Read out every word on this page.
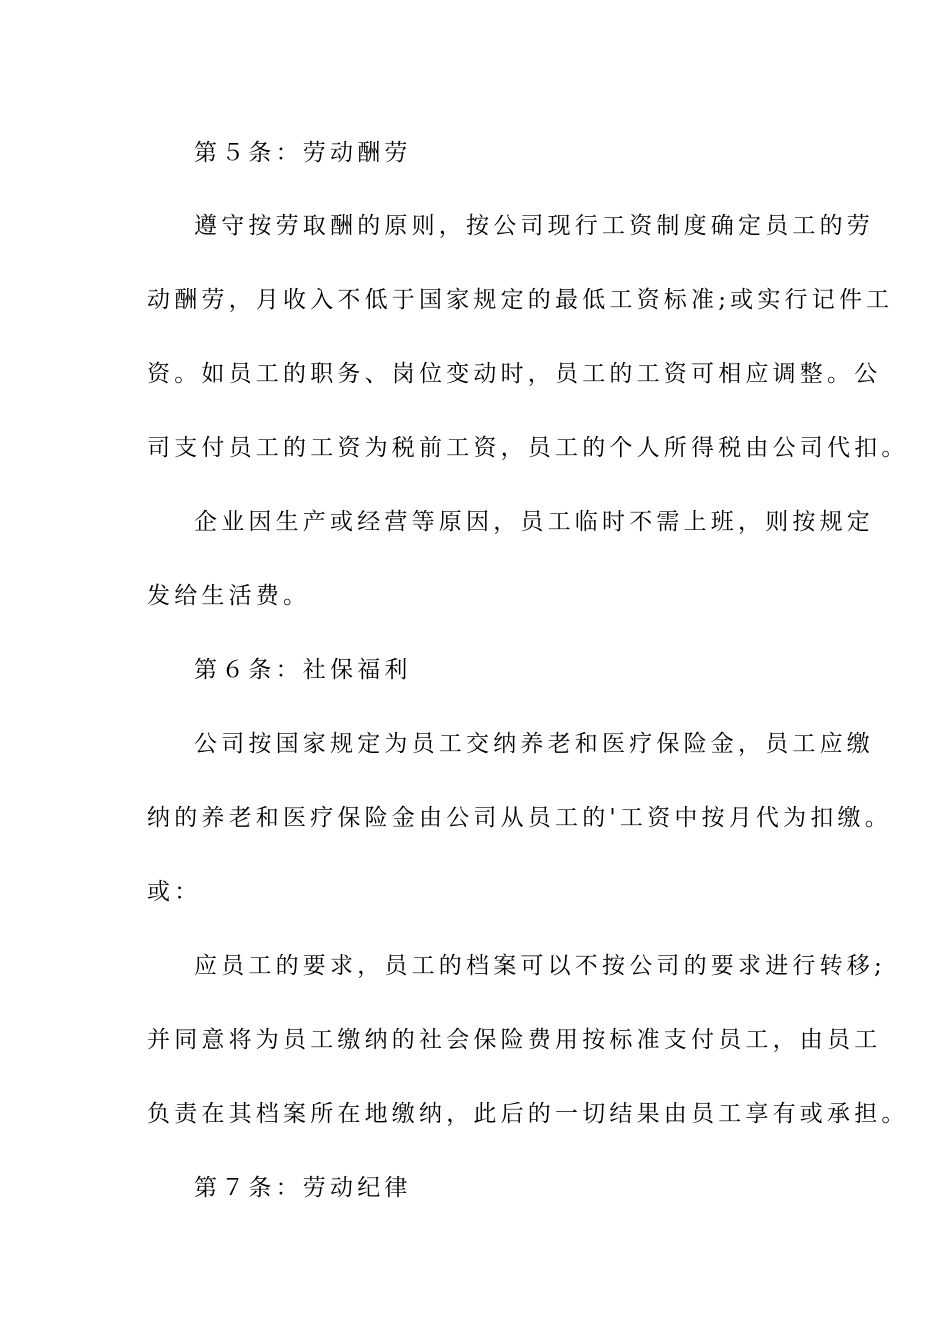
第５条：劳动酬劳
遵守按劳取酬的原则，按公司现行工资制度确定员工的劳
动酬劳，月收入不低于国家规定的最低工资标准;或实行记件工
资。如员工的职务、岗位变动时，员工的工资可相应调整。公
司支付员工的工资为税前工资，员工的个人所得税由公司代扣。
企业因生产或经营等原因，员工临时不需上班，则按规定
发给生活费。
第６条：社保福利
公司按国家规定为员工交纳养老和医疗保险金，员工应缴
纳的养老和医疗保险金由公司从员工的'工资中按月代为扣缴。
或：
应员工的要求，员工的档案可以不按公司的要求进行转移;
并同意将为员工缴纳的社会保险费用按标准支付员工，由员工
负责在其档案所在地缴纳，此后的一切结果由员工享有或承担。
第７条：劳动纪律
